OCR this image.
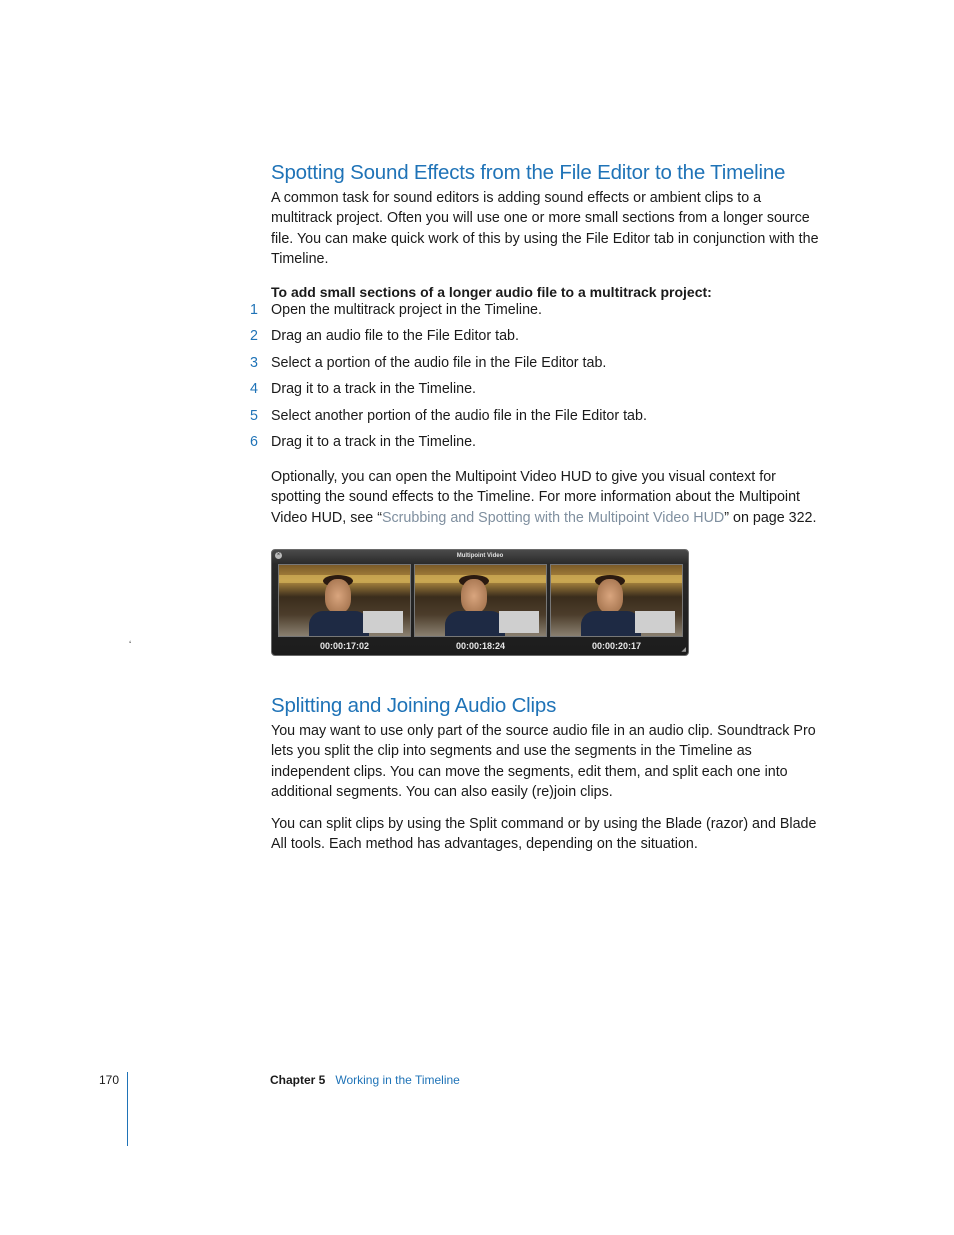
Spotting Sound Effects from the File Editor to the Timeline

A common task for sound editors is adding sound effects or ambient clips to a multitrack project. Often you will use one or more small sections from a longer source file. You can make quick work of this by using the File Editor tab in conjunction with the Timeline.

To add small sections of a longer audio file to a multitrack project:

1 Open the multitrack project in the Timeline.
2 Drag an audio file to the File Editor tab.
3 Select a portion of the audio file in the File Editor tab.
4 Drag it to a track in the Timeline.
5 Select another portion of the audio file in the File Editor tab.
6 Drag it to a track in the Timeline.

Optionally, you can open the Multipoint Video HUD to give you visual context for spotting the sound effects to the Timeline. For more information about the Multipoint Video HUD, see “Scrubbing and Spotting with the Multipoint Video HUD” on page 322.

×	Multipoint Video
00:00:17:02	00:00:18:24	00:00:20:17	◢
ʻ
Splitting and Joining Audio Clips

You may want to use only part of the source audio file in an audio clip. Soundtrack Pro lets you split the clip into segments and use the segments in the Timeline as independent clips. You can move the segments, edit them, and split each one into additional segments. You can also easily (re)join clips.

You can split clips by using the Split command or by using the Blade (razor) and Blade All tools. Each method has advantages, depending on the situation.

170	Chapter 5 Working in the Timeline
